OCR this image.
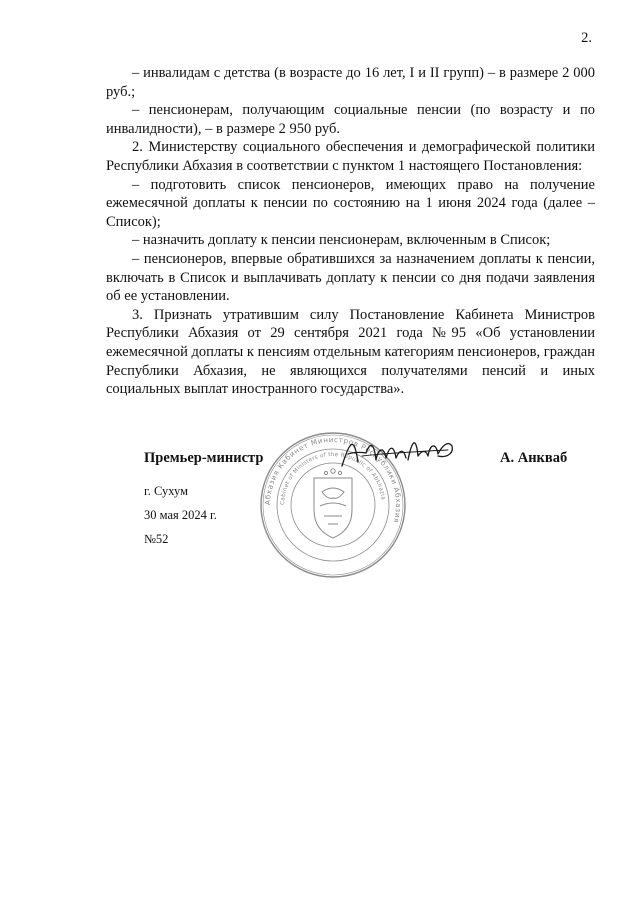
2.

– инвалидам с детства (в возрасте до 16 лет, I и II групп) – в размере 2 000 руб.;

– пенсионерам, получающим социальные пенсии (по возрасту и по инвалидности), – в размере 2 950 руб.

2. Министерству социального обеспечения и демографической политики Республики Абхазия в соответствии с пунктом 1 настоящего Постановления:

– подготовить список пенсионеров, имеющих право на получение ежемесячной доплаты к пенсии по состоянию на 1 июня 2024 года (далее – Список);

– назначить доплату к пенсии пенсионерам, включенным в Список;

– пенсионеров, впервые обратившихся за назначением доплаты к пенсии, включать в Список и выплачивать доплату к пенсии со дня подачи заявления об ее установлении.

3. Признать утратившим силу Постановление Кабинета Министров Республики Абхазия от 29 сентября 2021 года №95 «Об установлении ежемесячной доплаты к пенсиям отдельным категориям пенсионеров, граждан Республики Абхазия, не являющихся получателями пенсий и иных социальных выплат иностранного государства».

Абхазия Кабинет Министров Республики Абхазия
Cabinet of Ministers of the Republic of Abkhazia
Премьер-министр	А. Анкваб
г. Сухум
30 мая 2024 г.
№52
